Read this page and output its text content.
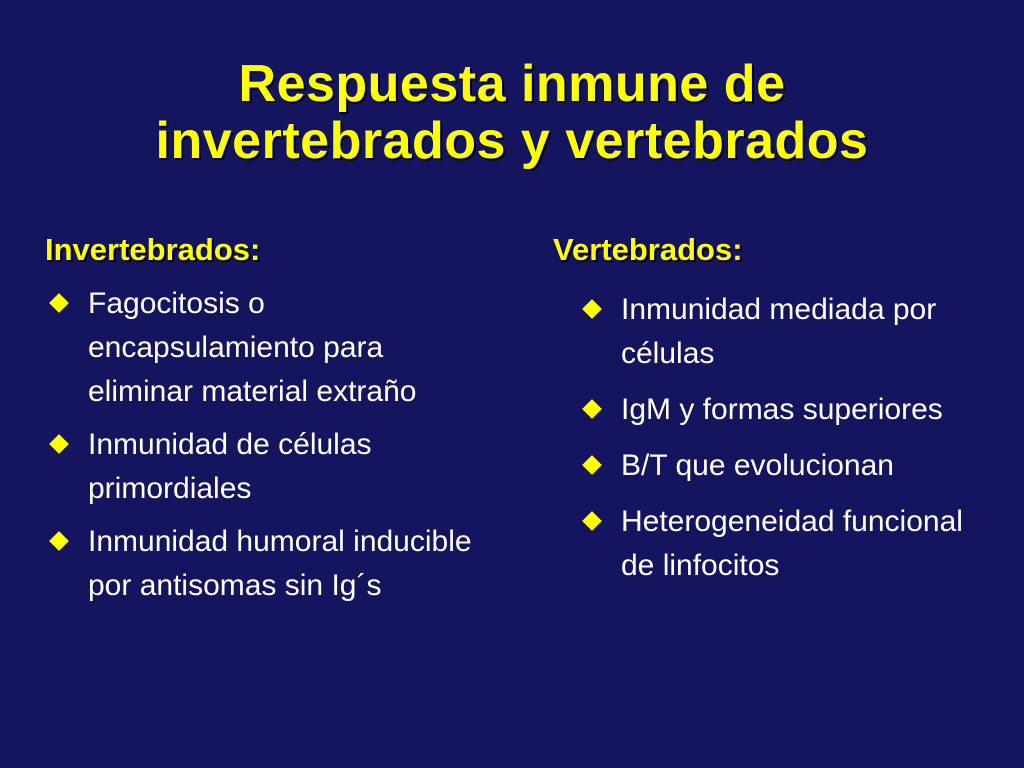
Respuesta inmune de
invertebrados y vertebrados
Invertebrados:
Fagocitosis o encapsulamiento para eliminar material extraño
Inmunidad de células primordiales
Inmunidad humoral inducible por antisomas sin Ig´s
Vertebrados:
Inmunidad mediada por células
IgM y formas superiores
B/T que evolucionan
Heterogeneidad funcional de linfocitos
